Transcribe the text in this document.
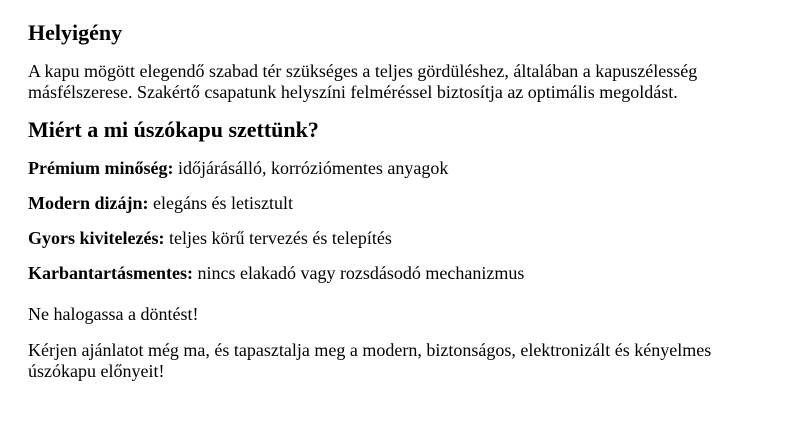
Helyigény

A kapu mögött elegendő szabad tér szükséges a teljes gördüléshez, általában a kapuszélesség másfélszerese. Szakértő csapatunk helyszíni felméréssel biztosítja az optimális megoldást.

Miért a mi úszókapu szettünk?

Prémium minőség: időjárásálló, korróziómentes anyagok

Modern dizájn: elegáns és letisztult

Gyors kivitelezés: teljes körű tervezés és telepítés

Karbantartásmentes: nincs elakadó vagy rozsdásodó mechanizmus

Ne halogassa a döntést!

Kérjen ajánlatot még ma, és tapasztalja meg a modern, biztonságos, elektronizált és kényelmes úszókapu előnyeit!
